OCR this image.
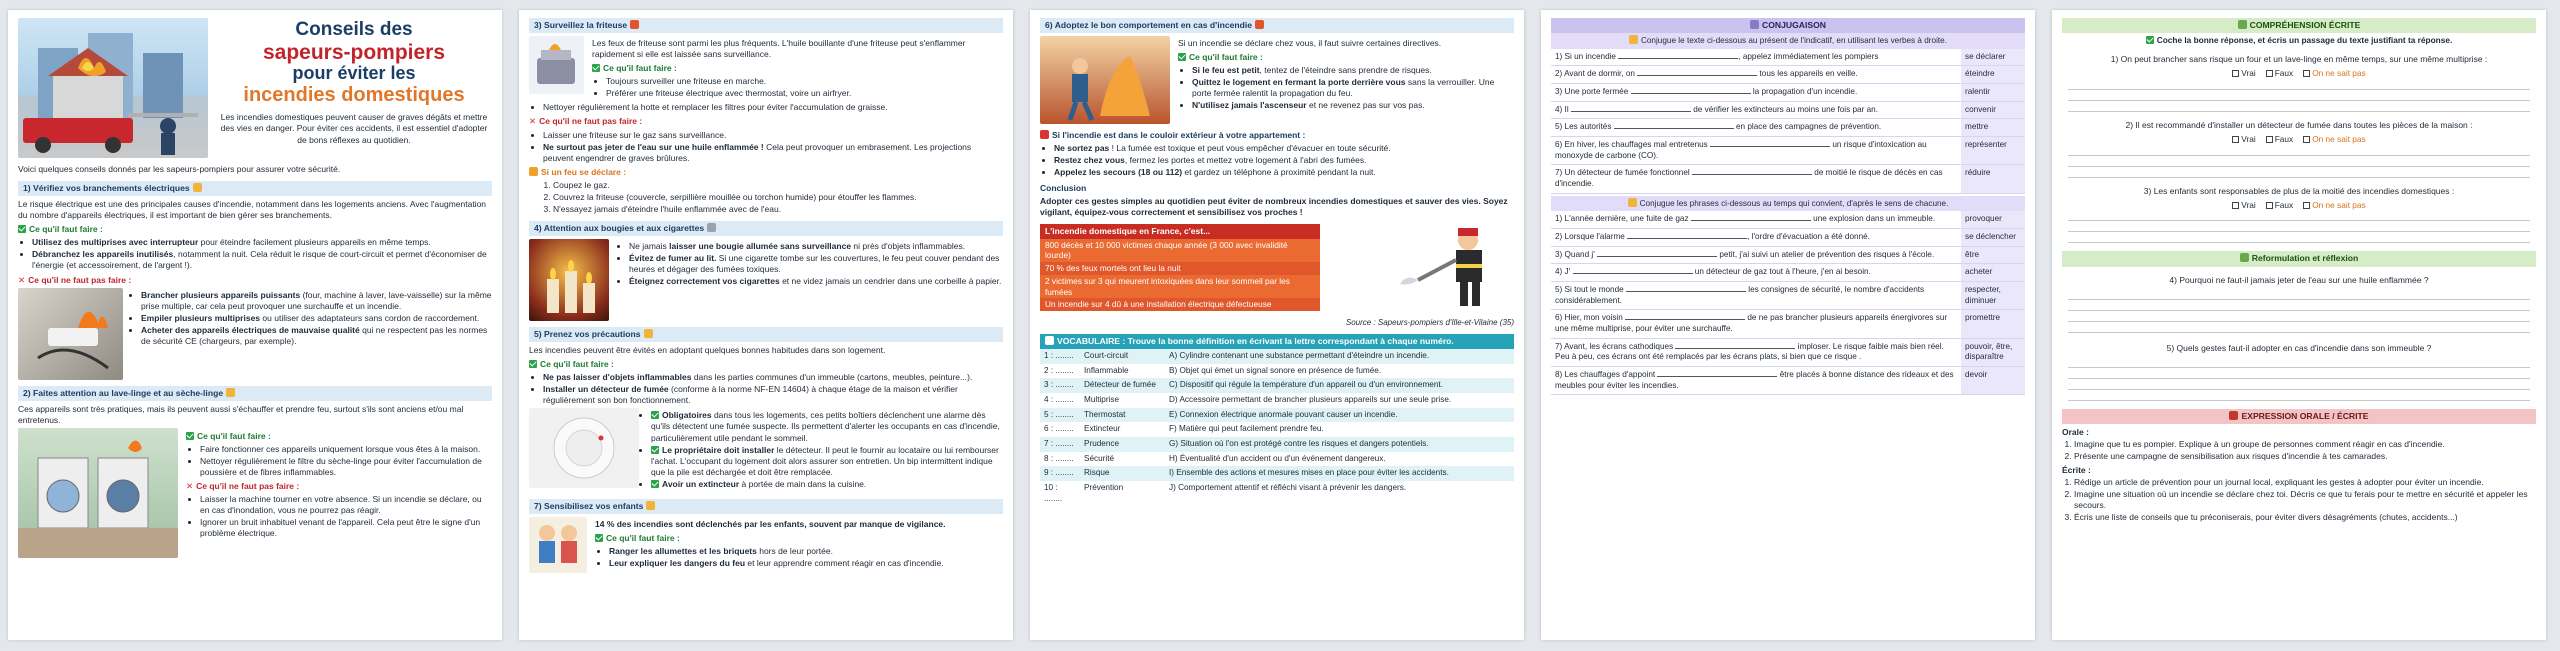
Conseils des
sapeurs-pompiers
pour éviter les
incendies domestiques
Les incendies domestiques peuvent causer de graves dégâts et mettre des vies en danger. Pour éviter ces accidents, il est essentiel d'adopter de bons réflexes au quotidien.
Voici quelques conseils donnés par les sapeurs-pompiers pour assurer votre sécurité.
1) Vérifiez vos branchements électriques
Le risque électrique est une des principales causes d'incendie, notamment dans les logements anciens. Avec l'augmentation du nombre d'appareils électriques, il est important de bien gérer ses branchements.
Ce qu'il faut faire :
• Utilisez des multiprises avec interrupteur pour éteindre facilement plusieurs appareils en même temps.
• Débranchez les appareils inutilisés, notamment la nuit. Cela réduit le risque de court-circuit et permet d'économiser de l'énergie (et accessoirement, de l'argent !).
✕ Ce qu'il ne faut pas faire :
• Brancher plusieurs appareils puissants (four, machine à laver, lave-vaisselle) sur la même prise multiple, car cela peut provoquer une surchauffe et un incendie.
• Empiler plusieurs multiprises ou utiliser des adaptateurs sans cordon de raccordement.
• Acheter des appareils électriques de mauvaise qualité qui ne respectent pas les normes de sécurité CE (chargeurs, par exemple).
2) Faites attention au lave-linge et au sèche-linge
Ces appareils sont très pratiques, mais ils peuvent aussi s'échauffer et prendre feu, surtout s'ils sont anciens et/ou mal entretenus.
Ce qu'il faut faire :
• Faire fonctionner ces appareils uniquement lorsque vous êtes à la maison.
• Nettoyer régulièrement le filtre du sèche-linge pour éviter l'accumulation de poussière et de fibres inflammables.
✕ Ce qu'il ne faut pas faire :
• Laisser la machine tourner en votre absence. Si un incendie se déclare, ou en cas d'inondation, vous ne pourrez pas réagir.
• Ignorer un bruit inhabituel venant de l'appareil. Cela peut être le signe d'un problème électrique.
3) Surveillez la friteuse
Les feux de friteuse sont parmi les plus fréquents. L'huile bouillante d'une friteuse peut s'enflammer rapidement si elle est laissée sans surveillance.
Ce qu'il faut faire :
• Toujours surveiller une friteuse en marche.
• Préférer une friteuse électrique avec thermostat, voire un airfryer.
• Nettoyer régulièrement la hotte et remplacer les filtres pour éviter l'accumulation de graisse.
✕ Ce qu'il ne faut pas faire :
• Laisser une friteuse sur le gaz sans surveillance.
• Ne surtout pas jeter de l'eau sur une huile enflammée ! Cela peut provoquer un embrasement. Les projections peuvent engendrer de graves brûlures.
Si un feu se déclare :
1. Coupez le gaz.
2. Couvrez la friteuse (couvercle, serpillière mouillée ou torchon humide) pour étouffer les flammes.
3. N'essayez jamais d'éteindre l'huile enflammée avec de l'eau.
4) Attention aux bougies et aux cigarettes
• Ne jamais laisser une bougie allumée sans surveillance ni près d'objets inflammables.
• Évitez de fumer au lit. Si une cigarette tombe sur les couvertures, le feu peut couver pendant des heures et dégager des fumées toxiques.
• Éteignez correctement vos cigarettes et ne videz jamais un cendrier dans une corbeille à papier.
5) Prenez vos précautions
Les incendies peuvent être évités en adoptant quelques bonnes habitudes dans son logement.
Ce qu'il faut faire :
• Ne pas laisser d'objets inflammables dans les parties communes d'un immeuble (cartons, meubles, peinture...).
• Installer un détecteur de fumée (conforme à la norme NF-EN 14604) à chaque étage de la maison et vérifier régulièrement son bon fonctionnement.
• Obligatoires dans tous les logements, ces petits boîtiers déclenchent une alarme dès qu'ils détectent une fumée suspecte. Ils permettent d'alerter les occupants en cas d'incendie, particulièrement utile pendant le sommeil.
• Le propriétaire doit installer le détecteur. Il peut le fournir au locataire ou lui rembourser l'achat. L'occupant du logement doit alors assurer son entretien. Un bip intermittent indique que la pile est déchargée et doit être remplacée.
• Avoir un extincteur à portée de main dans la cuisine.
7) Sensibilisez vos enfants
14 % des incendies sont déclenchés par les enfants, souvent par manque de vigilance.
Ce qu'il faut faire :
• Ranger les allumettes et les briquets hors de leur portée.
• Leur expliquer les dangers du feu et leur apprendre comment réagir en cas d'incendie.
6) Adoptez le bon comportement en cas d'incendie
Si un incendie se déclare chez vous, il faut suivre certaines directives.
Ce qu'il faut faire :
• Si le feu est petit, tentez de l'éteindre sans prendre de risques.
• Quittez le logement en fermant la porte derrière vous sans la verrouiller. Une porte fermée ralentit la propagation du feu.
• N'utilisez jamais l'ascenseur et ne revenez pas sur vos pas.
Si l'incendie est dans le couloir extérieur à votre appartement :
• Ne sortez pas ! La fumée est toxique et peut vous empêcher d'évacuer en toute sécurité.
• Restez chez vous, fermez les portes et mettez votre logement à l'abri des fumées.
• Appelez les secours (18 ou 112) et gardez un téléphone à proximité pendant la nuit.
Conclusion
Adopter ces gestes simples au quotidien peut éviter de nombreux incendies domestiques et sauver des vies. Soyez vigilant, équipez-vous correctement et sensibilisez vos proches !
L'incendie domestique en France, c'est...
800 décès et 10 000 victimes chaque année (3 000 avec invalidité lourde)
70 % des feux mortels ont lieu la nuit
2 victimes sur 3 qui meurent intoxiquées dans leur sommeil par les fumées
Un incendie sur 4 dû à une installation électrique défectueuse
Source : Sapeurs-pompiers d'Ille-et-Vilaine (35)
VOCABULAIRE : Trouve la bonne définition en écrivant la lettre correspondant à chaque numéro.
1 : ........	Court-circuit	A) Cylindre contenant une substance permettant d'éteindre un incendie.
2 : ........	Inflammable	B) Objet qui émet un signal sonore en présence de fumée.
3 : ........	Détecteur de fumée	C) Dispositif qui régule la température d'un appareil ou d'un environnement.
4 : ........	Multiprise	D) Accessoire permettant de brancher plusieurs appareils sur une seule prise.
5 : ........	Thermostat	E) Connexion électrique anormale pouvant causer un incendie.
6 : ........	Extincteur	F) Matière qui peut facilement prendre feu.
7 : ........	Prudence	G) Situation où l'on est protégé contre les risques et dangers potentiels.
8 : ........	Sécurité	H) Éventualité d'un accident ou d'un événement dangereux.
9 : ........	Risque	I) Ensemble des actions et mesures mises en place pour éviter les accidents.
10 : ........	Prévention	J) Comportement attentif et réfléchi visant à prévenir les dangers.
CONJUGAISON
Conjugue le texte ci-dessous au présent de l'indicatif, en utilisant les verbes à droite.
1) Si un incendie , appelez immédiatement les pompiers	se déclarer
2) Avant de dormir, on tous les appareils en veille.	éteindre
3) Une porte fermée la propagation d'un incendie.	ralentir
4) Il de vérifier les extincteurs au moins une fois par an.	convenir
5) Les autorités en place des campagnes de prévention.	mettre
6) En hiver, les chauffages mal entretenus un risque d'intoxication au monoxyde de carbone (CO).	représenter
7) Un détecteur de fumée fonctionnel de moitié le risque de décès en cas d'incendie.	réduire
Conjugue les phrases ci-dessous au temps qui convient, d'après le sens de chacune.
1) L'année dernière, une fuite de gaz une explosion dans un immeuble.	provoquer
2) Lorsque l'alarme , l'ordre d'évacuation a été donné.	se déclencher
3) Quand j' petit, j'ai suivi un atelier de prévention des risques à l'école.	être
4) J' un détecteur de gaz tout à l'heure, j'en ai besoin.	acheter
5) Si tout le monde les consignes de sécurité, le nombre d'accidents considérablement.	respecter, diminuer
6) Hier, mon voisin de ne pas brancher plusieurs appareils énergivores sur une même multiprise, pour éviter une surchauffe.	promettre
7) Avant, les écrans cathodiques imploser. Le risque faible mais bien réel. Peu à peu, ces écrans ont été remplacés par les écrans plats, si bien que ce risque .	pouvoir, être, disparaître
8) Les chauffages d'appoint être placés à bonne distance des rideaux et des meubles pour éviter les incendies.	devoir
COMPRÉHENSION ÉCRITE
Coche la bonne réponse, et écris un passage du texte justifiant ta réponse.
1) On peut brancher sans risque un four et un lave-linge en même temps, sur une même multiprise :
Vrai Faux On ne sait pas
2) Il est recommandé d'installer un détecteur de fumée dans toutes les pièces de la maison :
Vrai Faux On ne sait pas
3) Les enfants sont responsables de plus de la moitié des incendies domestiques :
Vrai Faux On ne sait pas
Reformulation et réflexion
4) Pourquoi ne faut-il jamais jeter de l'eau sur une huile enflammée ?
5) Quels gestes faut-il adopter en cas d'incendie dans son immeuble ?
EXPRESSION ORALE / ÉCRITE
Orale :
1. Imagine que tu es pompier. Explique à un groupe de personnes comment réagir en cas d'incendie.
2. Présente une campagne de sensibilisation aux risques d'incendie à tes camarades.
Écrite :
1. Rédige un article de prévention pour un journal local, expliquant les gestes à adopter pour éviter un incendie.
2. Imagine une situation où un incendie se déclare chez toi. Décris ce que tu ferais pour te mettre en sécurité et appeler les secours.
3. Écris une liste de conseils que tu préconiserais, pour éviter divers désagréments (chutes, accidents...)
